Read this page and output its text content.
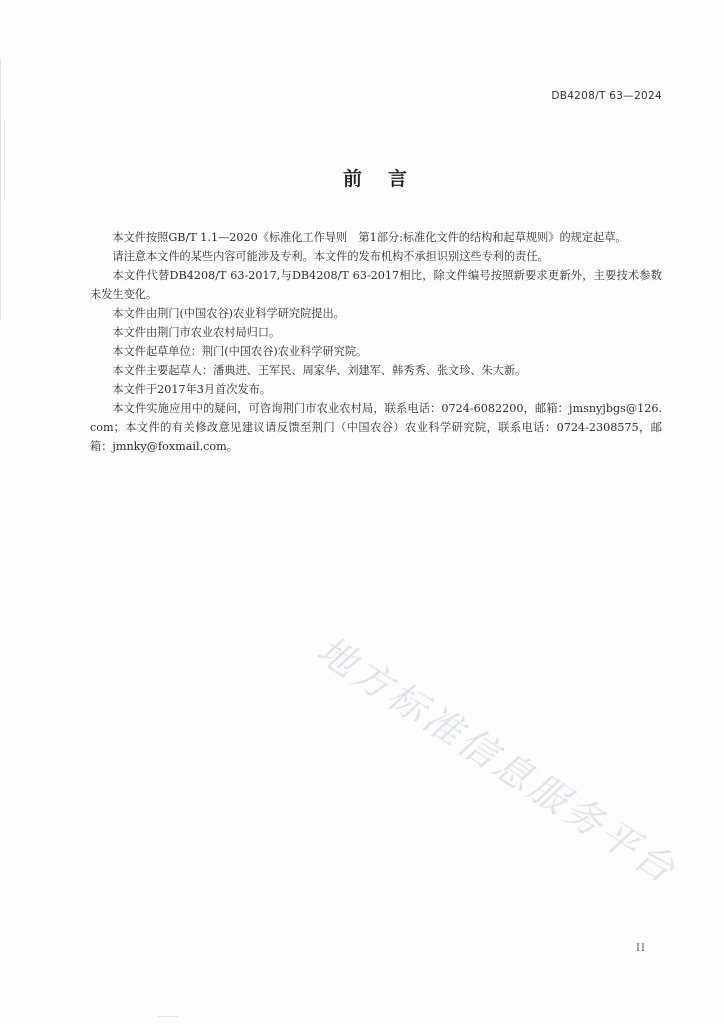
DB4208/T 63—2024
前言

本文件按照GB/T 1.1—2020《标准化工作导则　第1部分:标准化文件的结构和起草规则》的规定起草。

请注意本文件的某些内容可能涉及专利。本文件的发布机构不承担识别这些专利的责任。

本文件代替DB4208/T 63-2017,与DB4208/T 63-2017相比，除文件编号按照新要求更新外，主要技术参数未发生变化。

本文件由荆门(中国农谷)农业科学研究院提出。

本文件由荆门市农业农村局归口。

本文件起草单位：荆门(中国农谷)农业科学研究院。

本文件主要起草人：潘典进、王军民、周家华、刘建军、韩秀秀、张文珍、朱大新。

本文件于2017年3月首次发布。

本文件实施应用中的疑问，可咨询荆门市农业农村局，联系电话：0724-6082200，邮箱：jmsnyjbgs@126.com；本文件的有关修改意见建议请反馈至荆门（中国农谷）农业科学研究院，联系电话：0724-2308575，邮箱：jmnky@foxmail.com。

地方标准信息服务平台
II
